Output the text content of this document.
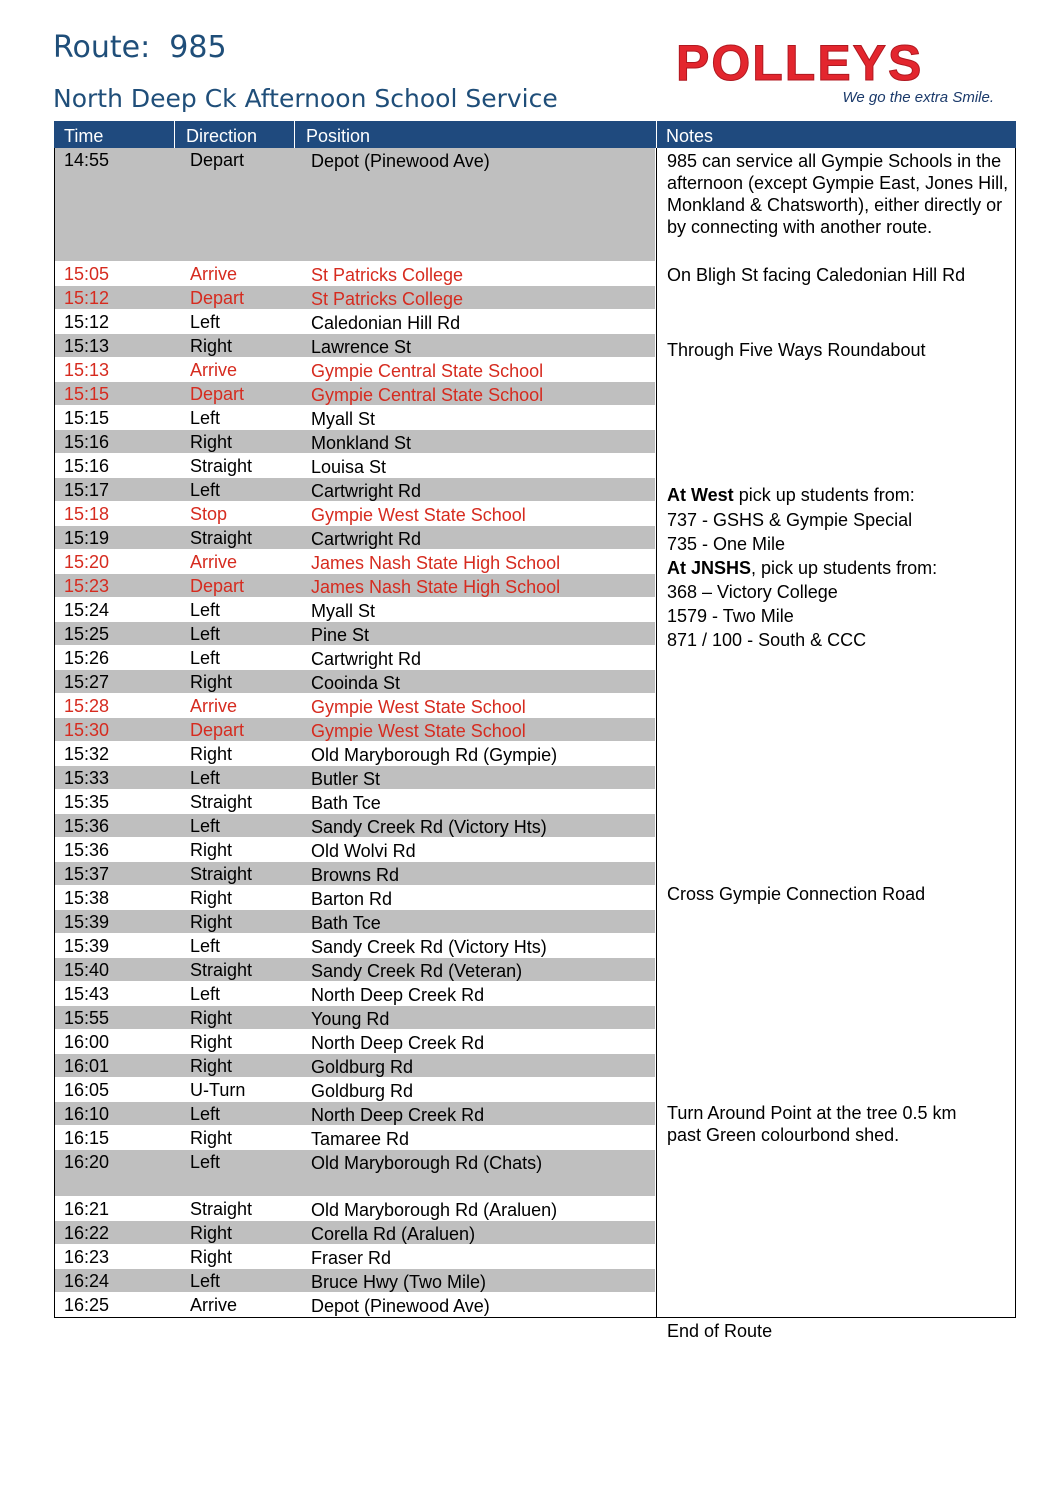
Route:  985
North Deep Ck Afternoon School Service
POLLEYS
We go the extra Smile.
Time	Direction	Position	Notes
14:55	Depart	Depot (Pinewood Ave)
15:05	Arrive	St Patricks College
15:12	Depart	St Patricks College
15:12	Left	Caledonian Hill Rd
15:13	Right	Lawrence St
15:13	Arrive	Gympie Central State School
15:15	Depart	Gympie Central State School
15:15	Left	Myall St
15:16	Right	Monkland St
15:16	Straight	Louisa St
15:17	Left	Cartwright Rd
15:18	Stop	Gympie West State School
15:19	Straight	Cartwright Rd
15:20	Arrive	James Nash State High School
15:23	Depart	James Nash State High School
15:24	Left	Myall St
15:25	Left	Pine St
15:26	Left	Cartwright Rd
15:27	Right	Cooinda St
15:28	Arrive	Gympie West State School
15:30	Depart	Gympie West State School
15:32	Right	Old Maryborough Rd (Gympie)
15:33	Left	Butler St
15:35	Straight	Bath Tce
15:36	Left	Sandy Creek Rd (Victory Hts)
15:36	Right	Old Wolvi Rd
15:37	Straight	Browns Rd
15:38	Right	Barton Rd
15:39	Right	Bath Tce
15:39	Left	Sandy Creek Rd (Victory Hts)
15:40	Straight	Sandy Creek Rd (Veteran)
15:43	Left	North Deep Creek Rd
15:55	Right	Young Rd
16:00	Right	North Deep Creek Rd
16:01	Right	Goldburg Rd
16:05	U-Turn	Goldburg Rd
16:10	Left	North Deep Creek Rd
16:15	Right	Tamaree Rd
16:20	Left	Old Maryborough Rd (Chats)
16:21	Straight	Old Maryborough Rd (Araluen)
16:22	Right	Corella Rd (Araluen)
16:23	Right	Fraser Rd
16:24	Left	Bruce Hwy (Two Mile)
16:25	Arrive	Depot (Pinewood Ave)
985 can service all Gympie Schools in the afternoon (except Gympie East, Jones Hill, Monkland & Chatsworth), either directly or by connecting with another route.
On Bligh St facing Caledonian Hill Rd
Through Five Ways Roundabout
At West pick up students from:
737 - GSHS & Gympie Special
735 - One Mile
At JNSHS, pick up students from:
368 – Victory College
1579 - Two Mile
871 / 100 - South & CCC
Cross Gympie Connection Road
Turn Around Point at the tree 0.5 km past Green colourbond shed.
End of Route
